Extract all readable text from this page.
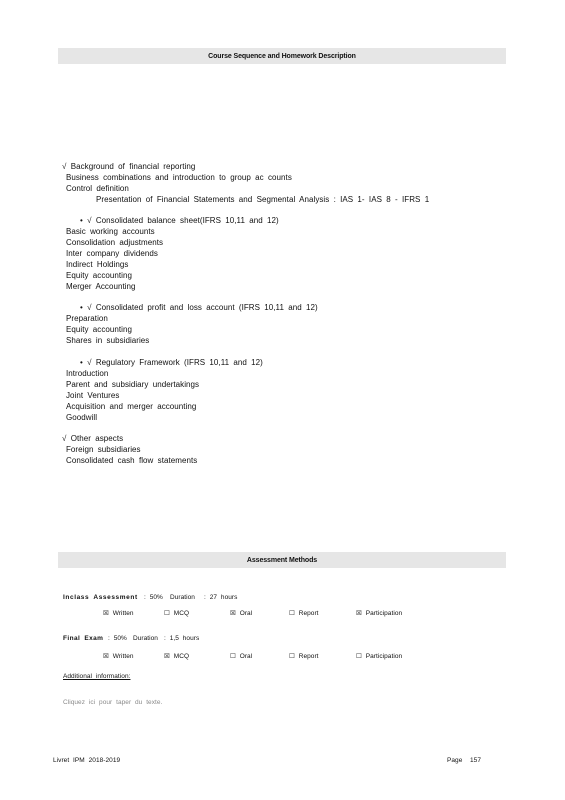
Course Sequence and Homework Description
√ Background of financial reporting
Business combinations and introduction to group ac counts
Control definition
Presentation of Financial Statements and Segmental Analysis : IAS 1- IAS 8 - IFRS 1
• √ Consolidated balance sheet(IFRS 10,11 and 12)
Basic working accounts
Consolidation adjustments
Inter company dividends
Indirect Holdings
Equity accounting
Merger Accounting
• √ Consolidated profit and loss account (IFRS 10,11 and 12)
Preparation
Equity accounting
Shares in subsidiaries
• √ Regulatory Framework (IFRS 10,11 and 12)
Introduction
Parent and subsidiary undertakings
Joint Ventures
Acquisition and merger accounting
Goodwill
√ Other aspects
Foreign subsidiaries
Consolidated cash flow statements
Assessment Methods
Inclass Assessment : 50% Duration : 27 hours
☒ Written	☐ MCQ	☒ Oral	☐ Report	☒ Participation
Final Exam : 50% Duration : 1,5 hours
☒ Written	☒ MCQ	☐ Oral	☐ Report	☐ Participation
Additional information:
Cliquez ici pour taper du texte.
Livret IPM 2018-2019	Page 157
